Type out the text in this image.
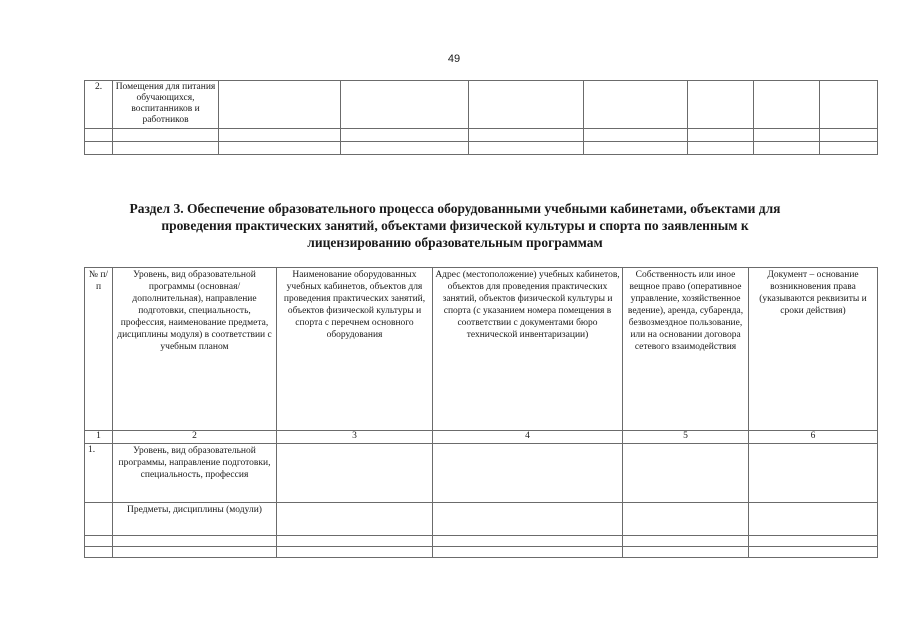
49
2.	Помещения для питания обучающихся, воспитанников и работников							

Раздел 3. Обеспечение образовательного процесса оборудованными учебными кабинетами, объектами для
проведения практических занятий, объектами физической культуры и спорта по заявленным к
лицензированию образовательным программам
№ п/п	Уровень, вид образовательной программы (основная/ дополнительная), направление подготовки, специальность, профессия, наименование предмета, дисциплины модуля) в соответствии с учебным планом	Наименование оборудованных учебных кабинетов, объектов для проведения практических занятий, объектов физической культуры и спорта с перечнем основного оборудования	Адрес (местоположение) учебных кабинетов, объектов для проведения практических занятий, объектов физической культуры и спорта (с указанием номера помещения в соответствии с документами бюро технической инвентаризации)	Собственность или иное вещное право (оперативное управление, хозяйственное ведение), аренда, субаренда, безвозмездное пользование, или на основании договора сетевого взаимодействия	Документ – основание возникновения права (указываются реквизиты и сроки действия)
1	2	3	4	5	6
1.	Уровень, вид образовательной программы, направление подготовки, специальность, профессия				
	Предметы, дисциплины (модули)				
